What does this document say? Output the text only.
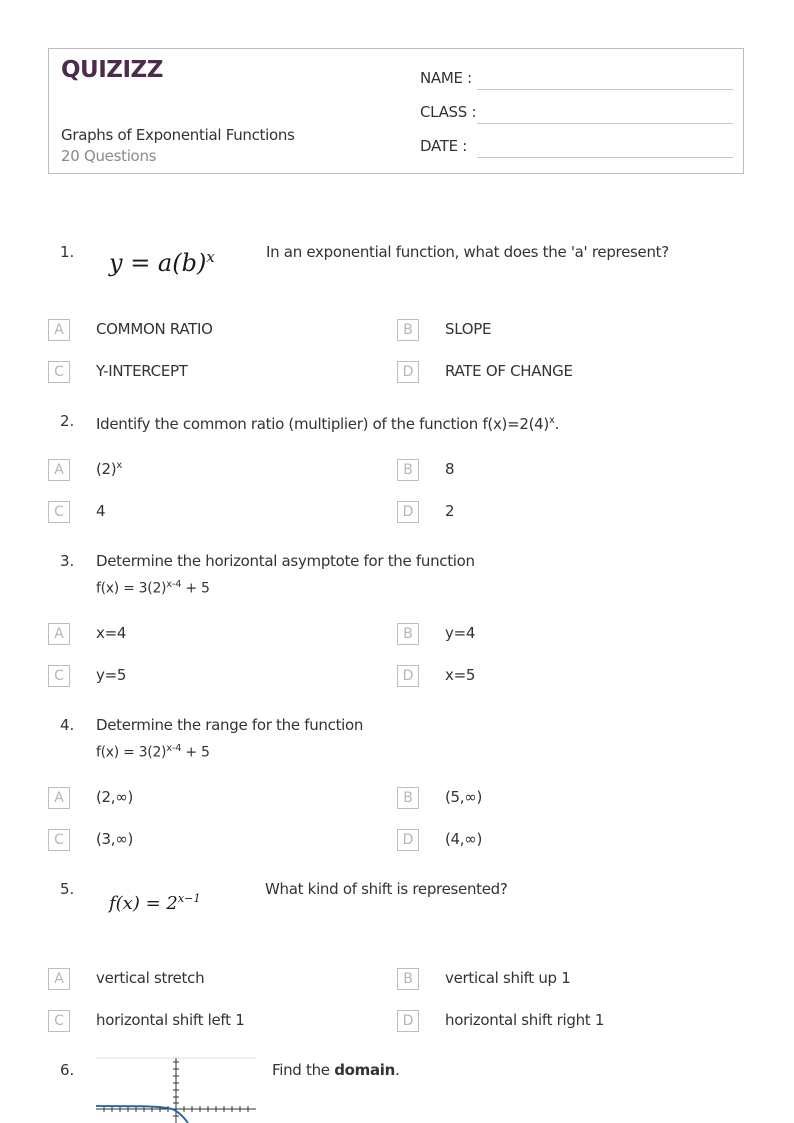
QUIZIZZ
Graphs of Exponential Functions
20 Questions
NAME :
CLASS :
DATE :
1. $y = a(b)^x$	In an exponential function, what does the 'a' represent?
A	COMMON RATIO	B	SLOPE
C	Y-INTERCEPT	D	RATE OF CHANGE
2. Identify the common ratio (multiplier) of the function $f(x)=2(4)^x$.
A	$(2)^x$	B	8
C	4	D	2
3. Determine the horizontal asymptote for the function
$f(x) = 3(2)^{x-4} + 5$
A	x=4	B	y=4
C	y=5	D	x=5
4. Determine the range for the function
$f(x) = 3(2)^{x-4} + 5$
A	(2,∞)	B	(5,∞)
C	(3,∞)	D	(4,∞)
5.
$f(x) = 2^{x-1}$
What kind of shift is represented?
A	vertical stretch	B	vertical shift up 1
C	horizontal shift left 1	D	horizontal shift right 1
6.	Find the domain.
